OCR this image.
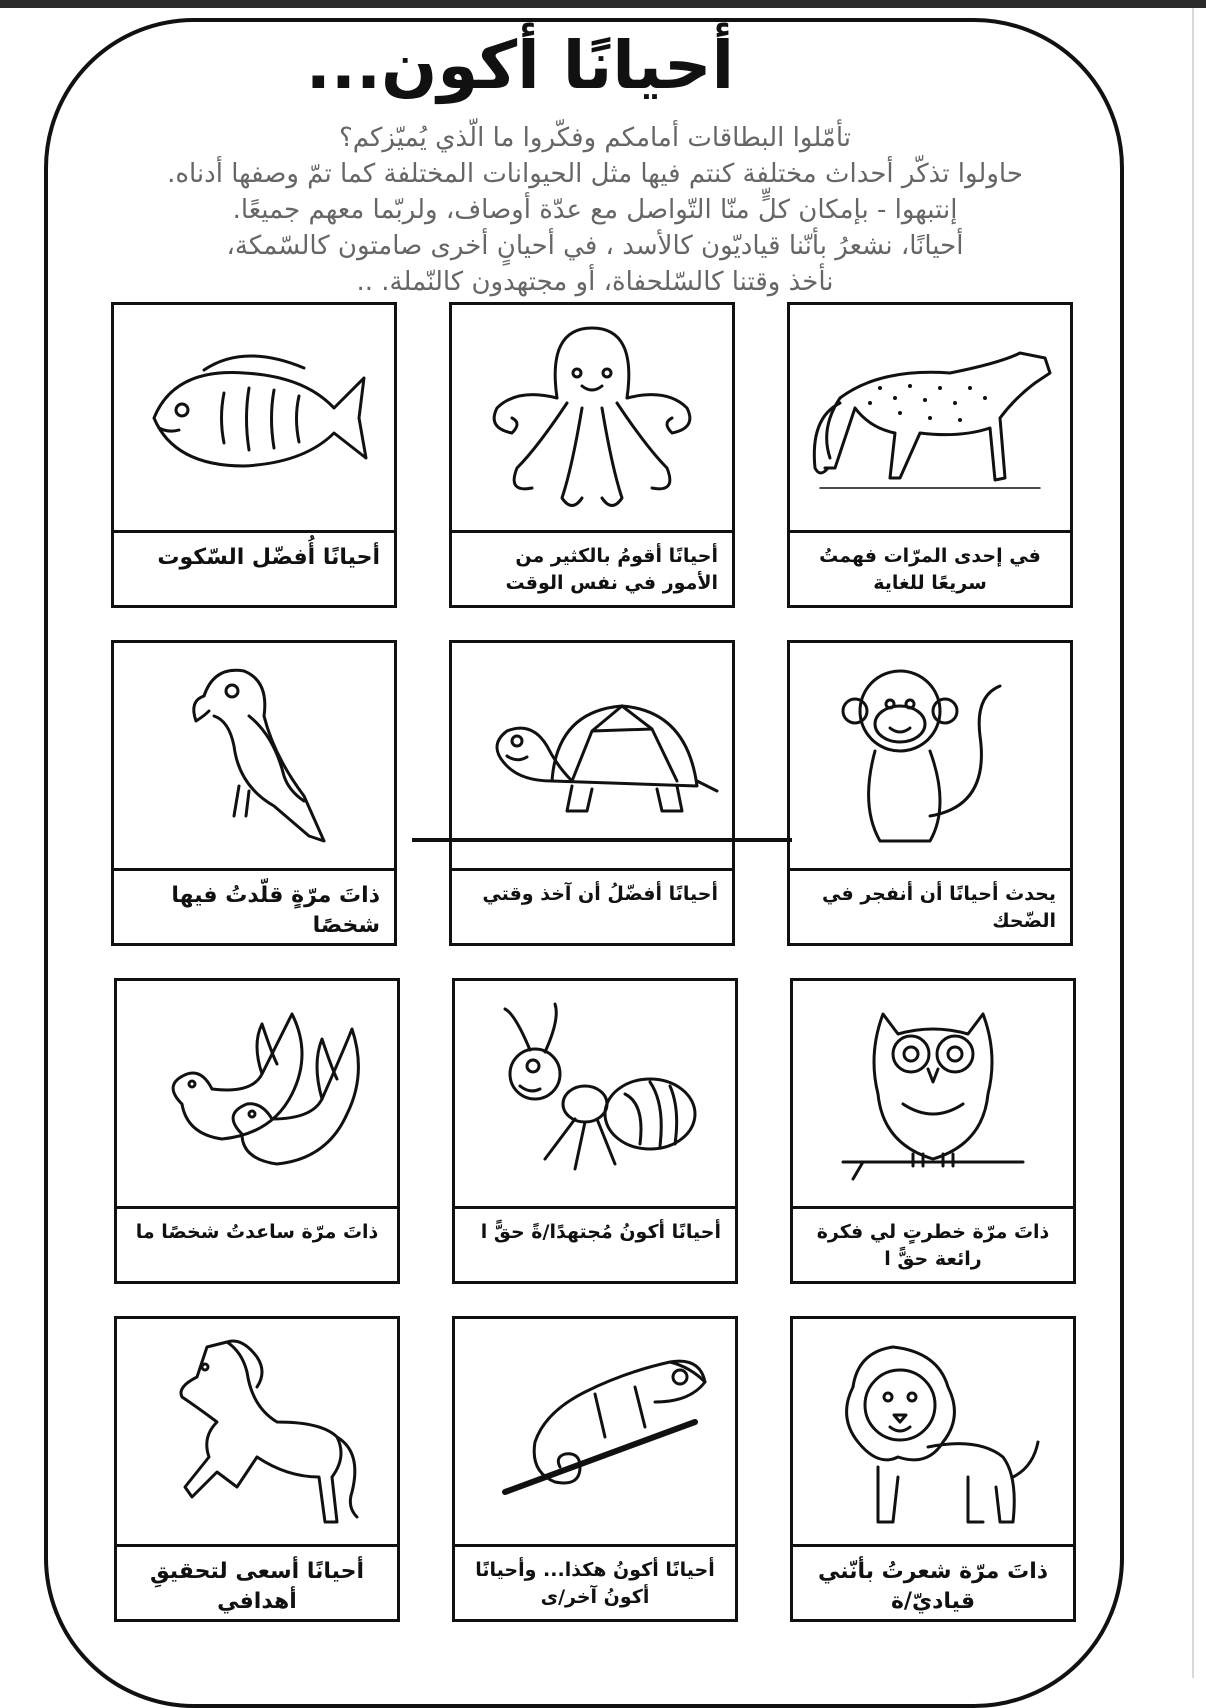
أحيانًا أكون...
تأمّلوا البطاقات أمامكم وفكّروا ما الّذي يُميّزكم؟
حاولوا تذكّر أحداث مختلفة كنتم فيها مثل الحيوانات المختلفة كما تمّ وصفها أدناه.
إنتبهوا - بإمكان كلٍّ منّا التّواصل مع عدّة أوصاف، ولربّما معهم جميعًا.
أحيانًا، نشعرُ بأنّنا قياديّون كالأسد ، في أحيانٍ أخرى صامتون كالسّمكة،
نأخذ وقتنا كالسّلحفاة، أو مجتهدون كالنّملة. ..
أحيانًا أُفضّل السّكوت	أحيانًا أقومُ بالكثير من الأمور في نفس الوقت
في إحدى المرّات فهمتُ سريعًا للغاية
ذاتَ مرّةٍ قلّدتُ فيها شخصًا
أحيانًا أفضّلُ أن آخذ وقتي	يحدث أحيانًا أن أنفجر في الضّحك
ذاتَ مرّة ساعدتُ شخصًا ما	أحيانًا أكونُ مُجتهدًا/ةً حقًّ ا	ذاتَ مرّة خطرتٍ لي فكرة رائعة حقًّ ا
أحيانًا أسعى لتحقيقِ أهدافي
أحيانًا أكونُ هكذا... وأحيانًا أكونُ آخر/ى
ذاتَ مرّة شعرتُ بأنّني قياديّ/ة
